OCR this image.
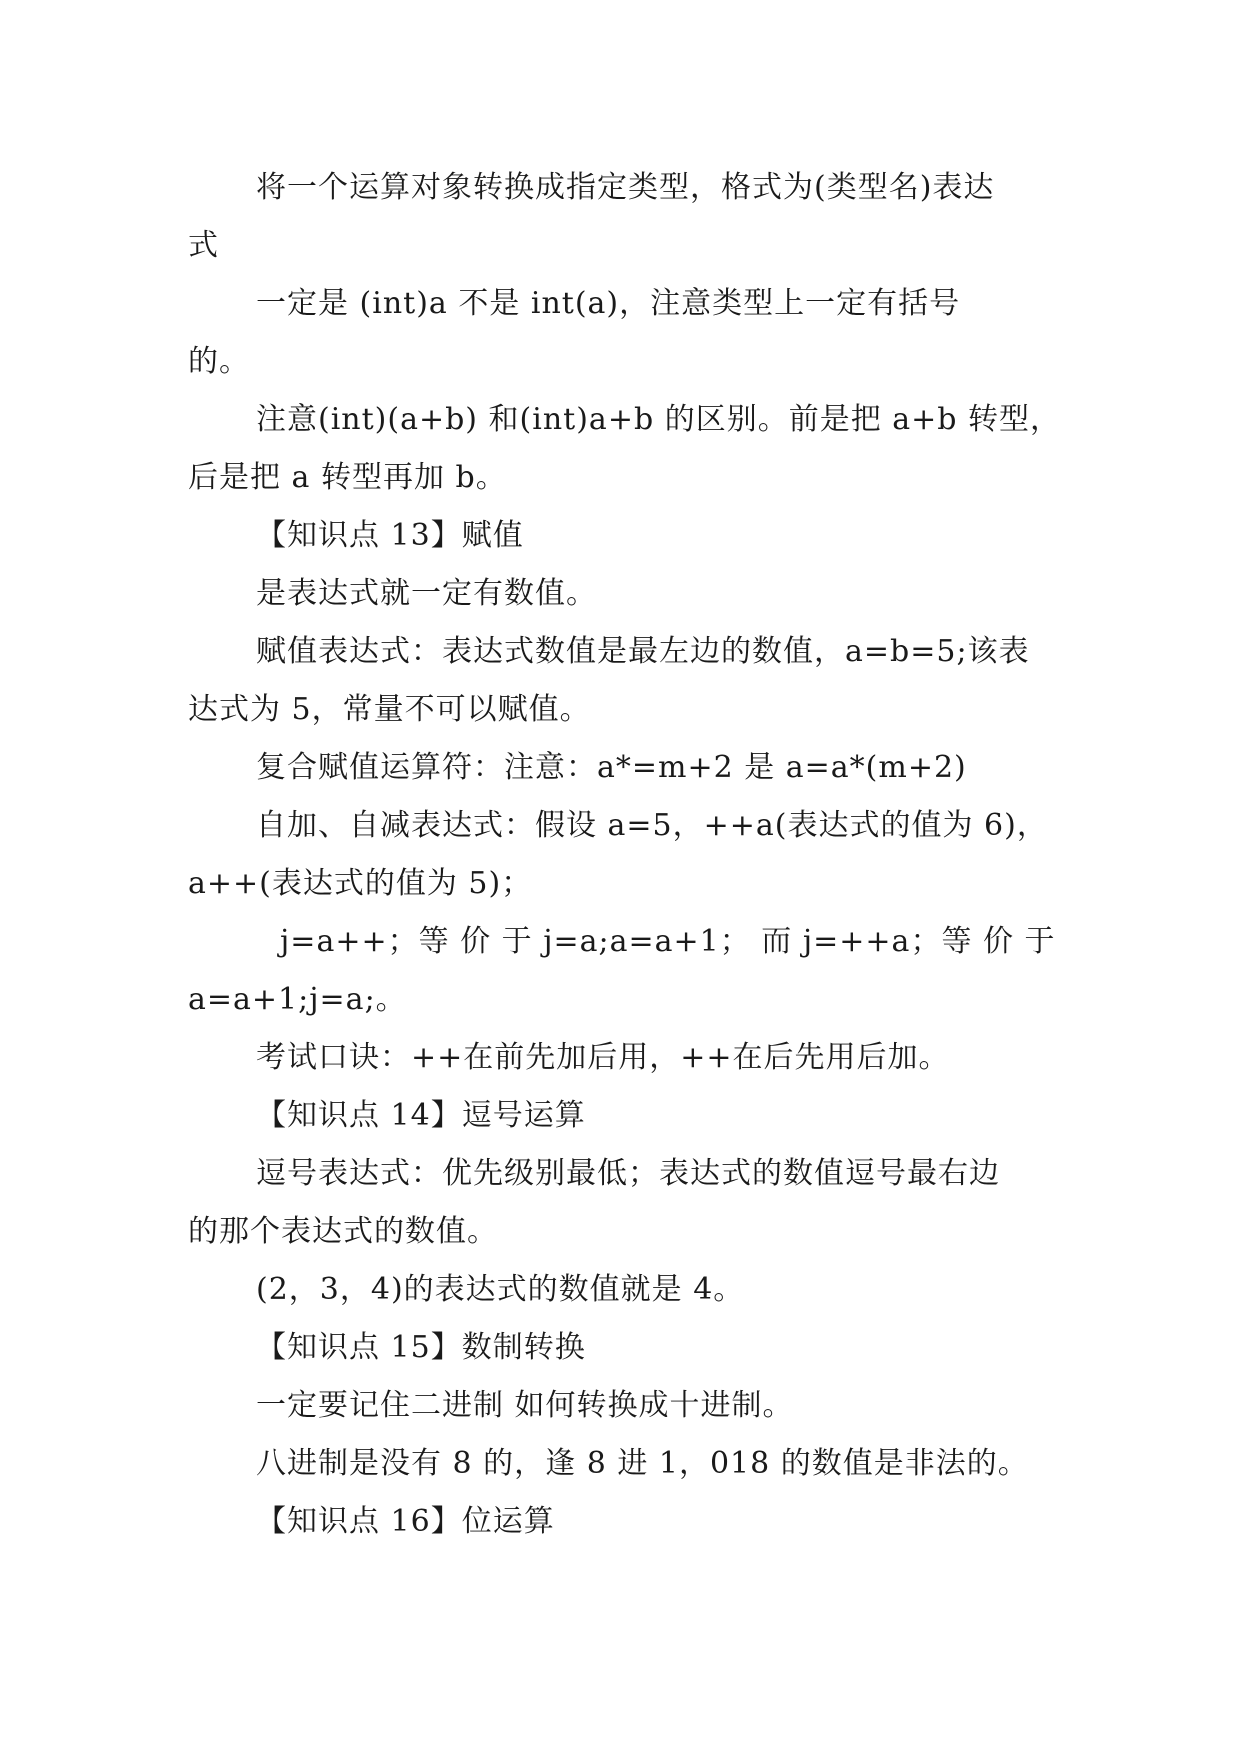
将一个运算对象转换成指定类型，格式为(类型名)表达
式
一定是 (int)a 不是 int(a)，注意类型上一定有括号
的。
注意(int)(a+b) 和(int)a+b 的区别。前是把 a+b 转型，
后是把 a 转型再加 b。
【知识点 13】赋值
是表达式就一定有数值。
赋值表达式：表达式数值是最左边的数值，a=b=5;该表
达式为 5，常量不可以赋值。
复合赋值运算符：注意：a*=m+2 是 a=a*(m+2)
自加、自减表达式：假设 a=5，++a(表达式的值为 6)，
a++(表达式的值为 5)；
j=a++；等 价 于 j=a;a=a+1； 而 j=++a；等 价 于
a=a+1;j=a;。
考试口诀：++在前先加后用，++在后先用后加。
【知识点 14】逗号运算
逗号表达式：优先级别最低；表达式的数值逗号最右边
的那个表达式的数值。
(2，3，4)的表达式的数值就是 4。
【知识点 15】数制转换
一定要记住二进制 如何转换成十进制。
八进制是没有 8 的，逢 8 进 1，018 的数值是非法的。
【知识点 16】位运算
